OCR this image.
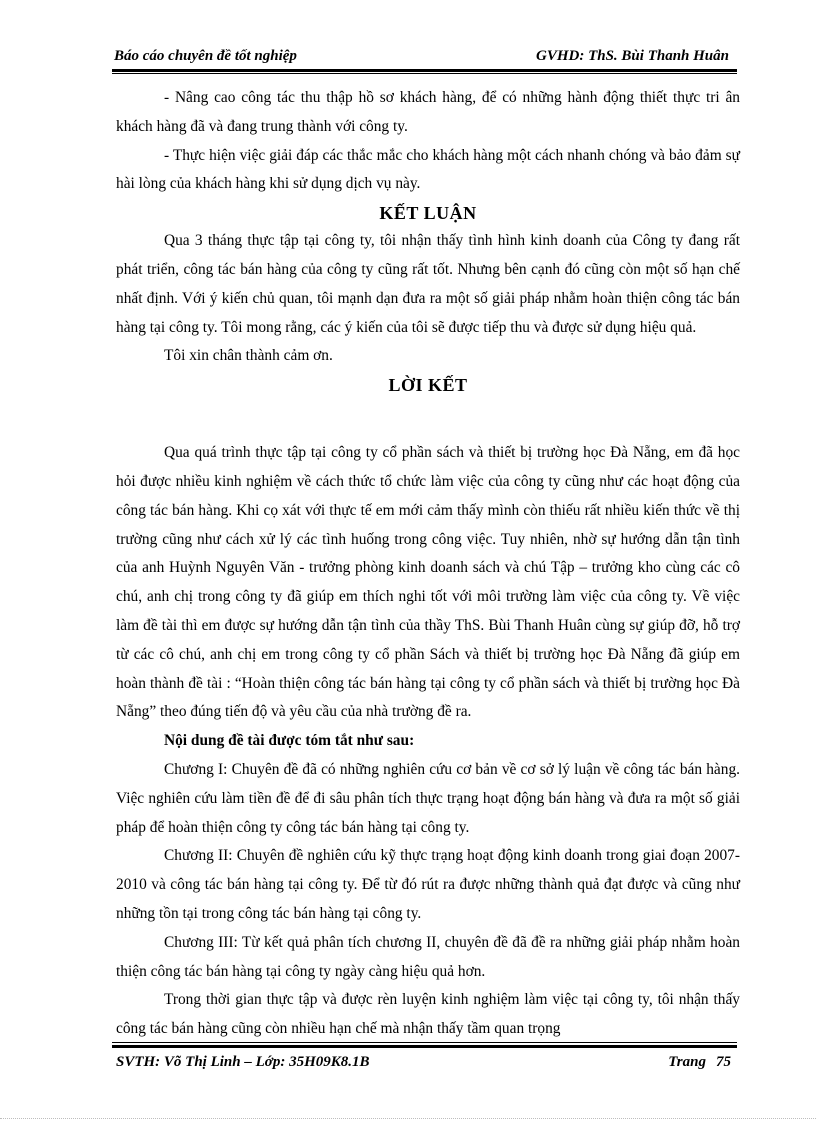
Báo cáo chuyên đề tốt nghiệp	GVHD: ThS. Bùi Thanh Huân

- Nâng cao công tác thu thập hồ sơ khách hàng, để có những hành động thiết thực tri ân khách hàng đã và đang trung thành với công ty.

- Thực hiện việc giải đáp các thắc mắc cho khách hàng một cách nhanh chóng và bảo đảm sự hài lòng của khách hàng khi sử dụng dịch vụ này.

KẾT LUẬN

Qua 3 tháng thực tập tại công ty, tôi nhận thấy tình hình kinh doanh của Công ty đang rất phát triển, công tác bán hàng của công ty cũng rất tốt. Nhưng bên cạnh đó cũng còn một số hạn chế nhất định. Với ý kiến chủ quan, tôi mạnh dạn đưa ra một số giải pháp nhằm hoàn thiện công tác bán hàng tại công ty. Tôi mong rằng, các ý kiến của tôi sẽ được tiếp thu và được sử dụng hiệu quả.

Tôi xin chân thành cảm ơn.

LỜI KẾT

Qua quá trình thực tập tại công ty cổ phần sách và thiết bị trường học Đà Nẵng, em đã học hỏi được nhiều kinh nghiệm về cách thức tổ chức làm việc của công ty cũng như các hoạt động của công tác bán hàng. Khi cọ xát với thực tế em mới cảm thấy mình còn thiếu rất nhiều kiến thức về thị trường cũng như cách xử lý các tình huống trong công việc. Tuy nhiên, nhờ sự hướng dẫn tận tình của anh Huỳnh Nguyên Văn - trưởng phòng kinh doanh sách và chú Tập – trưởng kho cùng các cô chú, anh chị trong công ty đã giúp em thích nghi tốt với môi trường làm việc của công ty. Về việc làm đề tài thì em được sự hướng dẫn tận tình của thầy ThS. Bùi Thanh Huân cùng sự giúp đỡ, hỗ trợ từ các cô chú, anh chị em trong công ty cổ phần Sách và thiết bị trường học Đà Nẵng đã giúp em hoàn thành đề tài : “Hoàn thiện công tác bán hàng tại công ty cổ phần sách và thiết bị trường học Đà Nẵng” theo đúng tiến độ và yêu cầu của nhà trường đề ra.

Nội dung đề tài được tóm tắt như sau:

Chương I: Chuyên đề đã có những nghiên cứu cơ bản về cơ sở lý luận về công tác bán hàng. Việc nghiên cứu làm tiền đề để đi sâu phân tích thực trạng hoạt động bán hàng và đưa ra một số giải pháp để hoàn thiện công ty công tác bán hàng tại công ty.

Chương II: Chuyên đề nghiên cứu kỹ thực trạng hoạt động kinh doanh trong giai đoạn 2007-2010 và công tác bán hàng tại công ty. Để từ đó rút ra được những thành quả đạt được và cũng như những tồn tại trong công tác bán hàng tại công ty.

Chương III: Từ kết quả phân tích chương II, chuyên đề đã đề ra những giải pháp nhằm hoàn thiện công tác bán hàng tại công ty ngày càng hiệu quả hơn.

Trong thời gian thực tập và được rèn luyện kinh nghiệm làm việc tại công ty, tôi nhận thấy công tác bán hàng cũng còn nhiều hạn chế mà nhận thấy tầm quan trọng

SVTH: Võ Thị Linh – Lớp: 35H09K8.1B	Trang 75
